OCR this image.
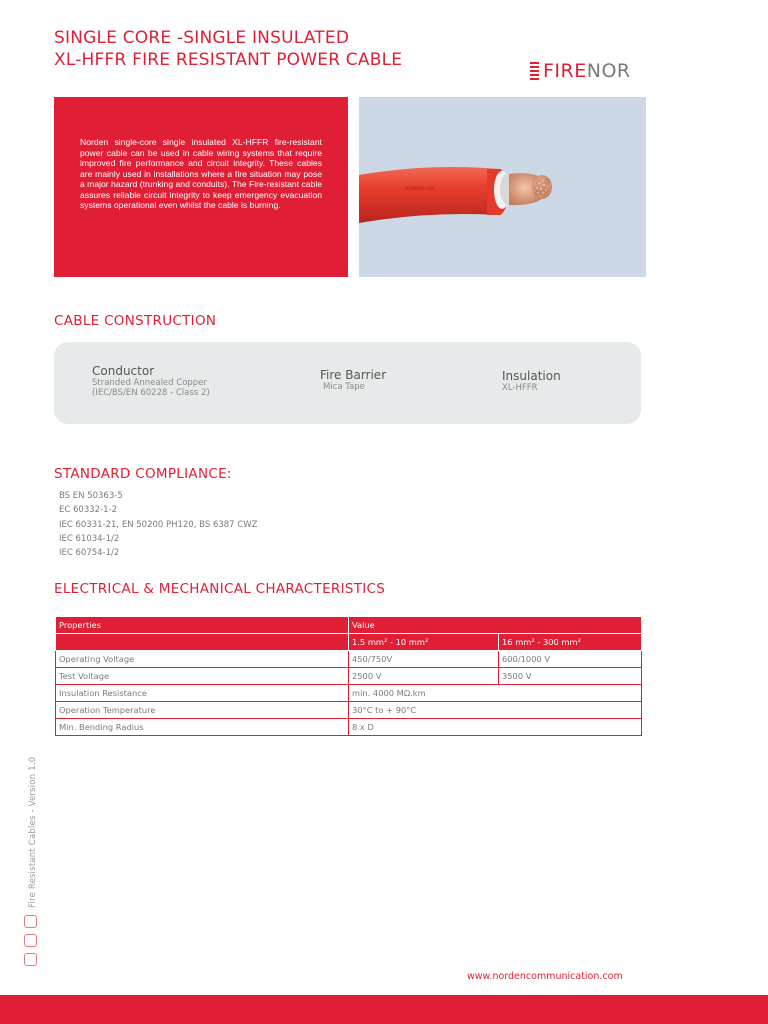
SINGLE CORE -SINGLE INSULATED
XL-HFFR FIRE RESISTANT POWER CABLE
FIRENOR

Norden single-core single insulated XL-HFFR fire-resistant power cable can be used in cable wiring systems that require improved fire performance and circuit integrity. These cables are mainly used in installations where a fire situation may pose a major hazard (trunking and conduits). The Fire-resistant cable assures reliable circuit integrity to keep emergency evacuation systems operational even whilst the cable is burning.

NORDEN LOC
CABLE CONSTRUCTION
Conductor
Stranded Annealed Copper
(IEC/BS/EN 60228 - Class 2)
Fire Barrier
Mica Tape
Insulation
XL-HFFR
STANDARD COMPLIANCE:
BS EN 50363-5
EC 60332-1-2
IEC 60331-21, EN 50200 PH120, BS 6387 CWZ
IEC 61034-1/2
IEC 60754-1/2
ELECTRICAL & MECHANICAL CHARACTERISTICS
Properties	Value	
	1.5 mm² - 10 mm²	16 mm² - 300 mm²
Operating Voltage	450/750V	600/1000 V
Test Voltage	2500 V	3500 V
Insulation Resistance	min. 4000 MΩ.km	
Operation Temperature	30°C to + 90°C	
Min. Bending Radius	8 x D	
Fire Resistant Cables - Version 1.0
www.nordencommunication.com
